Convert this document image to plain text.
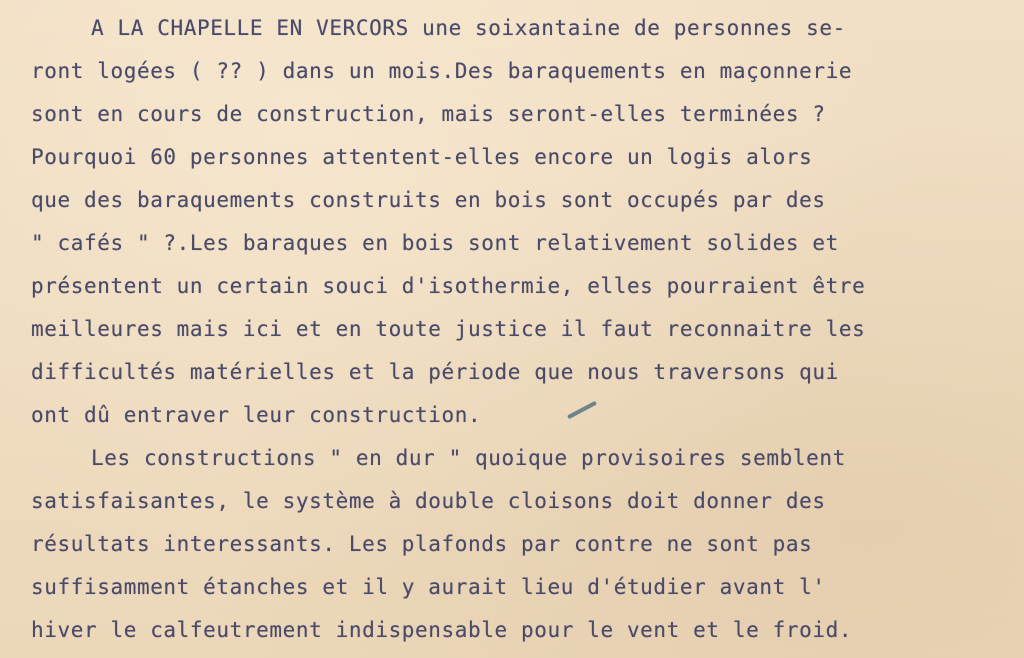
A LA CHAPELLE EN VERCORS une soixantaine de personnes se-
ront logées ( ?? ) dans un mois.Des baraquements en maçonnerie
sont en cours de construction, mais seront-elles terminées ?
Pourquoi 60 personnes attentent-elles encore un logis alors
que des baraquements construits en bois sont occupés par des
" cafés " ?.Les baraques en bois sont relativement solides et
présentent un certain souci d'isothermie, elles pourraient être
meilleures mais ici et en toute justice il faut reconnaitre les
difficultés matérielles et la période que nous traversons qui
ont dû entraver leur construction.
Les constructions " en dur " quoique provisoires semblent
satisfaisantes, le système à double cloisons doit donner des
résultats interessants. Les plafonds par contre ne sont pas
suffisamment étanches et il y aurait lieu d'étudier avant l'
hiver le calfeutrement indispensable pour le vent et le froid.
